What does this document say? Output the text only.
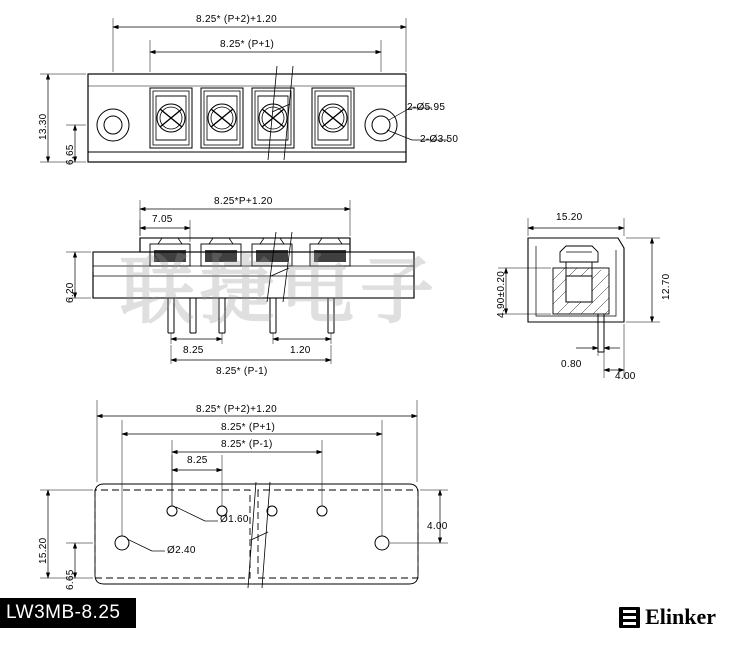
联捷电子
8.25* (P+2)+1.20
8.25* (P+1)
13.30
6.65
2-Ø5.95
2-Ø3.50
8.25*P+1.20
7.05
6.20
8.25	1.20
8.25* (P-1)
15.20
12.70
4.90±0.20
0.80
4.00
8.25* (P+2)+1.20
8.25* (P+1)
8.25* (P-1)
8.25
Ø1.60
Ø2.40
15.20
6.65
4.00
LW3MB-8.25	Elinker
